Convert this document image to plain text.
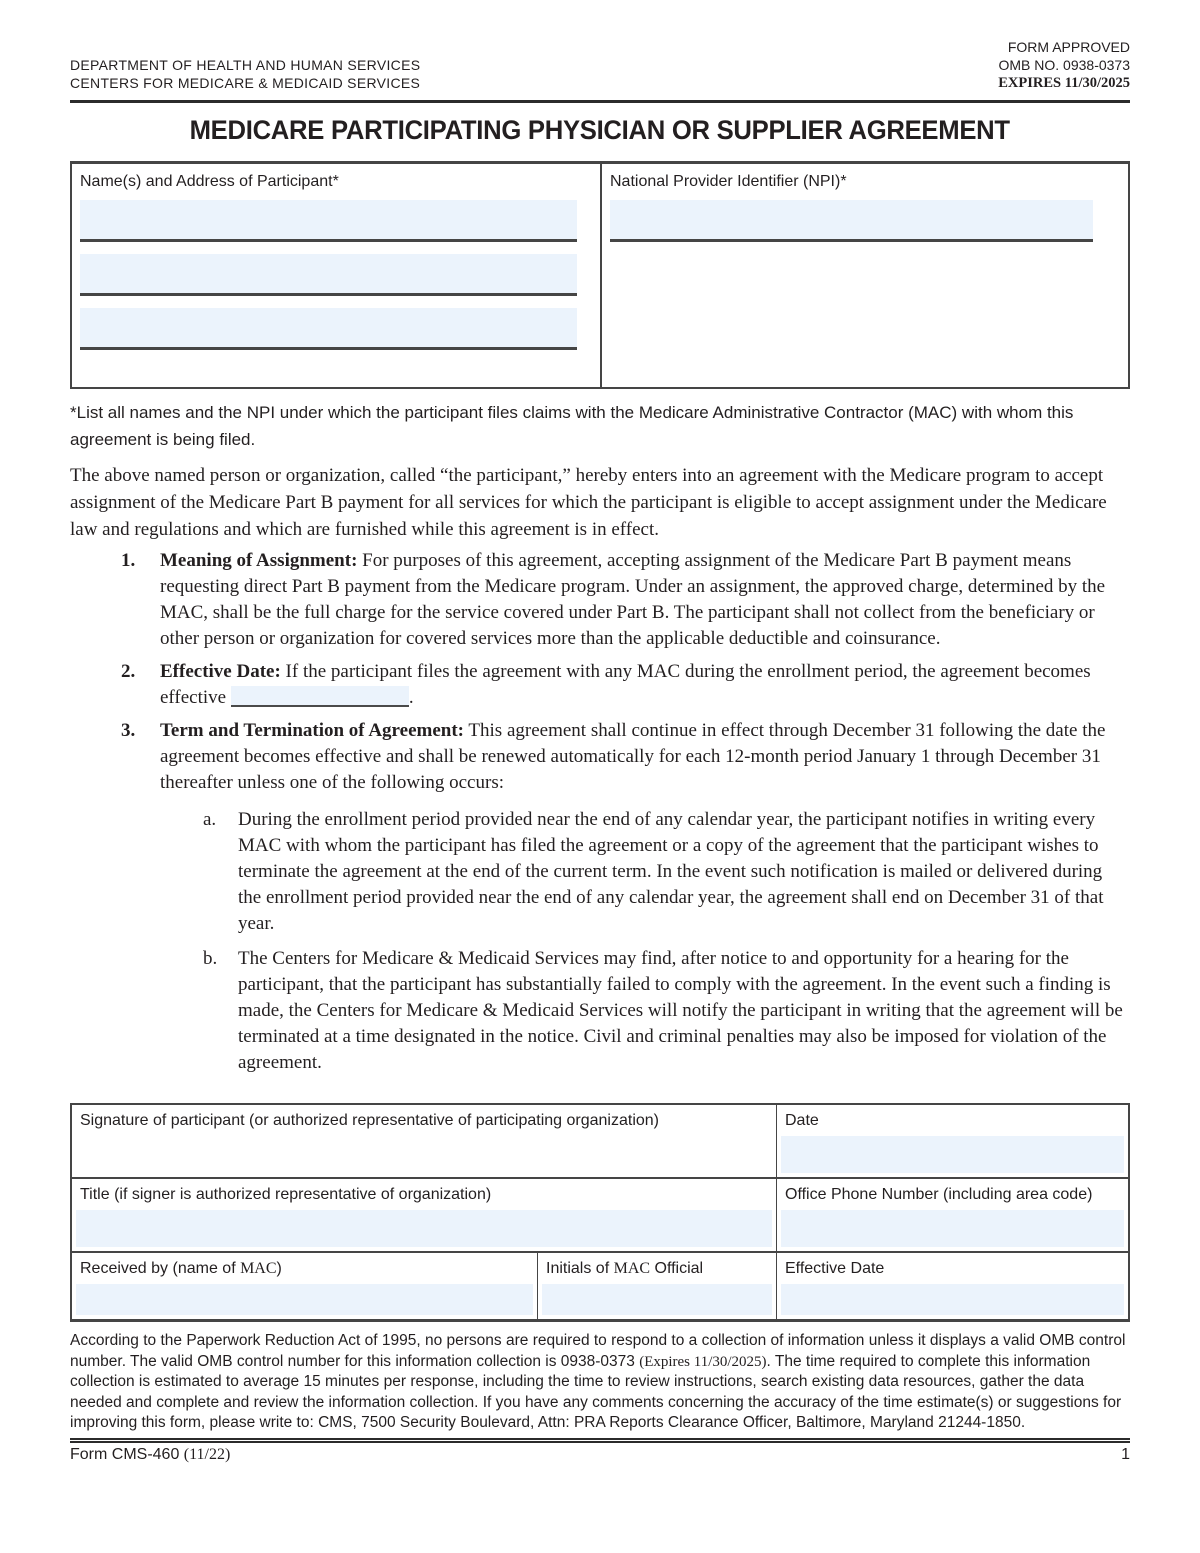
DEPARTMENT OF HEALTH AND HUMAN SERVICES
CENTERS FOR MEDICARE & MEDICAID SERVICES
FORM APPROVED
OMB NO. 0938-0373
EXPIRES 11/30/2025
MEDICARE PARTICIPATING PHYSICIAN OR SUPPLIER AGREEMENT
Name(s) and Address of Participant*	National Provider Identifier (NPI)*

*List all names and the NPI under which the participant files claims with the Medicare Administrative Contractor (MAC) with whom this agreement is being filed.

The above named person or organization, called “the participant,” hereby enters into an agreement with the Medicare program to accept assignment of the Medicare Part B payment for all services for which the participant is eligible to accept assignment under the Medicare law and regulations and which are furnished while this agreement is in effect.

1.	Meaning of Assignment: For purposes of this agreement, accepting assignment of the Medicare Part B payment means requesting direct Part B payment from the Medicare program. Under an assignment, the approved charge, determined by the MAC, shall be the full charge for the service covered under Part B. The participant shall not collect from the beneficiary or other person or organization for covered services more than the applicable deductible and coinsurance.
2.	Effective Date: If the participant files the agreement with any MAC during the enrollment period, the agreement becomes effective	.
3.	Term and Termination of Agreement: This agreement shall continue in effect through December 31 following the date the agreement becomes effective and shall be renewed automatically for each 12-month period January 1 through December 31 thereafter unless one of the following occurs:
a.	During the enrollment period provided near the end of any calendar year, the participant notifies in writing every MAC with whom the participant has filed the agreement or a copy of the agreement that the participant wishes to terminate the agreement at the end of the current term. In the event such notification is mailed or delivered during the enrollment period provided near the end of any calendar year, the agreement shall end on December 31 of that year.
b.	The Centers for Medicare & Medicaid Services may find, after notice to and opportunity for a hearing for the participant, that the participant has substantially failed to comply with the agreement. In the event such a finding is made, the Centers for Medicare & Medicaid Services will notify the participant in writing that the agreement will be terminated at a time designated in the notice. Civil and criminal penalties may also be imposed for violation of the agreement.
Signature of participant (or authorized representative of participating organization)	Date
Title (if signer is authorized representative of organization)	Office Phone Number (including area code)
Received by (name of MAC)	Initials of MAC Official	Effective Date

According to the Paperwork Reduction Act of 1995, no persons are required to respond to a collection of information unless it displays a valid OMB control number. The valid OMB control number for this information collection is 0938-0373 (Expires 11/30/2025). The time required to complete this information collection is estimated to average 15 minutes per response, including the time to review instructions, search existing data resources, gather the data needed and complete and review the information collection. If you have any comments concerning the accuracy of the time estimate(s) or suggestions for improving this form, please write to: CMS, 7500 Security Boulevard, Attn: PRA Reports Clearance Officer, Baltimore, Maryland 21244-1850.

Form CMS-460 (11/22)	1
